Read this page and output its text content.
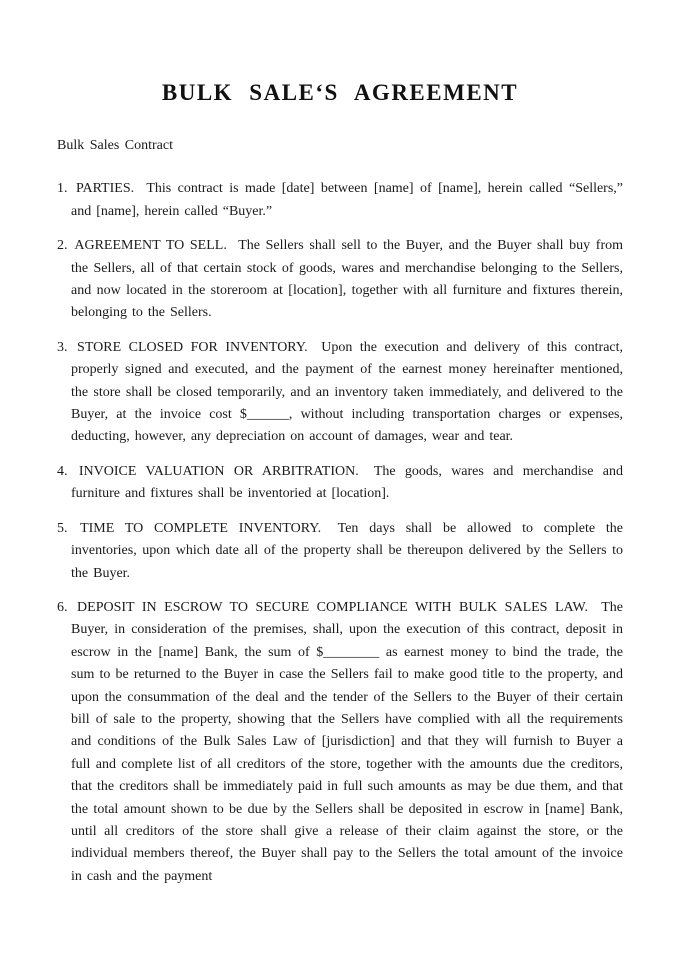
BULK SALE‘S AGREEMENT

Bulk Sales Contract

1. PARTIES. This contract is made [date] between [name] of [name], herein called “Sellers,” and [name], herein called “Buyer.”

2. AGREEMENT TO SELL. The Sellers shall sell to the Buyer, and the Buyer shall buy from the Sellers, all of that certain stock of goods, wares and merchandise belonging to the Sellers, and now located in the storeroom at [location], together with all furniture and fixtures therein, belonging to the Sellers.

3. STORE CLOSED FOR INVENTORY. Upon the execution and delivery of this contract, properly signed and executed, and the payment of the earnest money hereinafter mentioned, the store shall be closed temporarily, and an inventory taken immediately, and delivered to the Buyer, at the invoice cost $______, without including transportation charges or expenses, deducting, however, any depreciation on account of damages, wear and tear.

4. INVOICE VALUATION OR ARBITRATION. The goods, wares and merchandise and furniture and fixtures shall be inventoried at [location].

5. TIME TO COMPLETE INVENTORY. Ten days shall be allowed to complete the inventories, upon which date all of the property shall be thereupon delivered by the Sellers to the Buyer.

6. DEPOSIT IN ESCROW TO SECURE COMPLIANCE WITH BULK SALES LAW. The Buyer, in consideration of the premises, shall, upon the execution of this contract, deposit in escrow in the [name] Bank, the sum of $________ as earnest money to bind the trade, the sum to be returned to the Buyer in case the Sellers fail to make good title to the property, and upon the consummation of the deal and the tender of the Sellers to the Buyer of their certain bill of sale to the property, showing that the Sellers have complied with all the requirements and conditions of the Bulk Sales Law of [jurisdiction] and that they will furnish to Buyer a full and complete list of all creditors of the store, together with the amounts due the creditors, that the creditors shall be immediately paid in full such amounts as may be due them, and that the total amount shown to be due by the Sellers shall be deposited in escrow in [name] Bank, until all creditors of the store shall give a release of their claim against the store, or the individual members thereof, the Buyer shall pay to the Sellers the total amount of the invoice in cash and the payment
